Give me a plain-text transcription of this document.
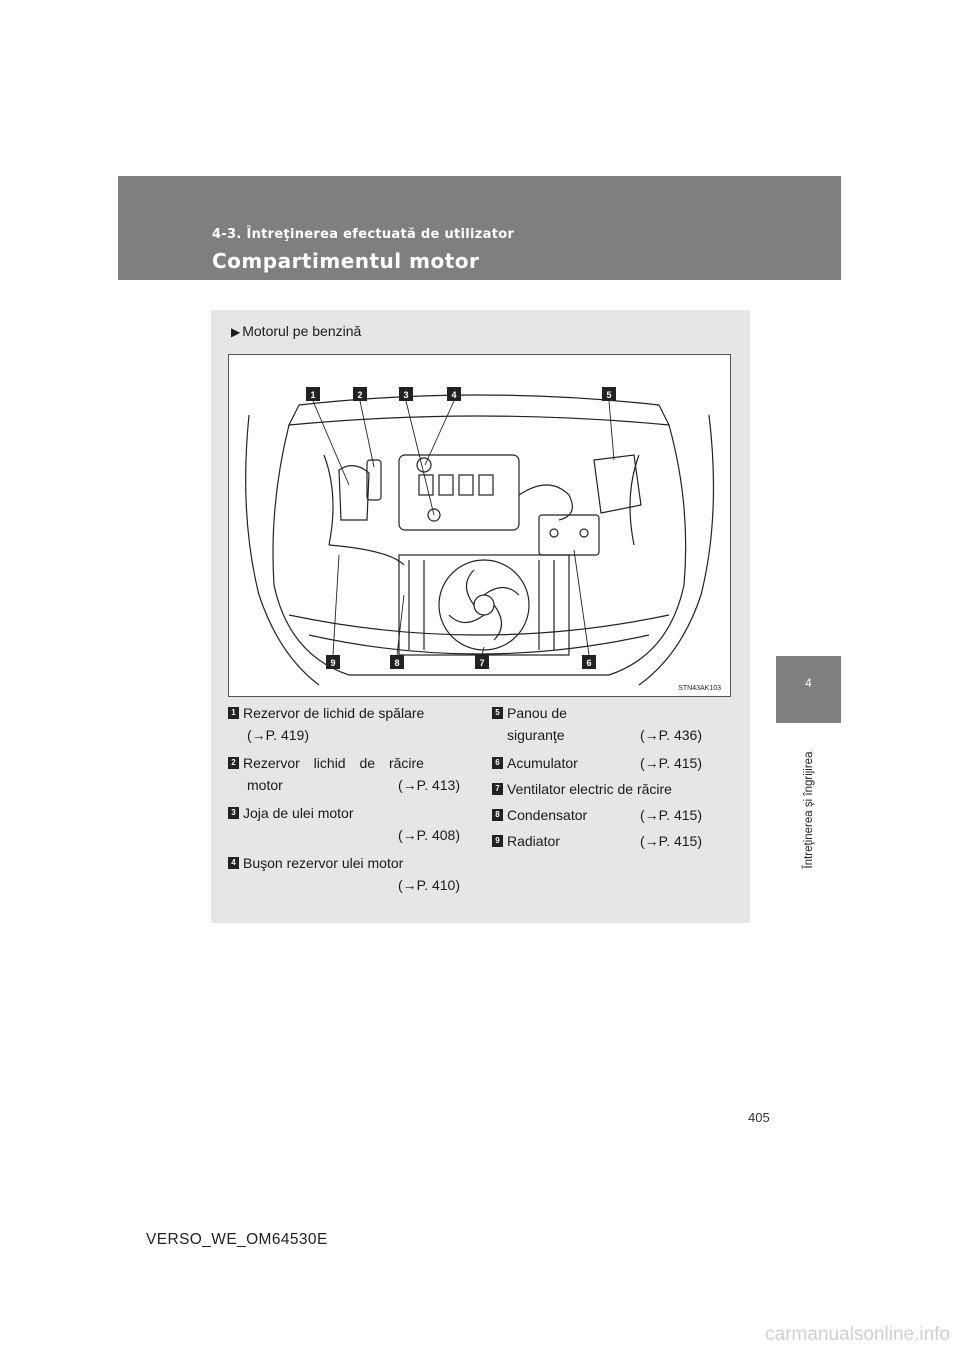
4-3. Întreţinerea efectuată de utilizator
Compartimentul motor
4
Întreţinerea şi îngrijirea
▶ Motorul pe benzină
1	2	3	4	5
9	8	7	6
STN43AK103
1 Rezervor de lichid de spălare
(→P. 419)
2 Rezervor lichid de răcire
motor	(→P. 413)
3 Joja de ulei motor
(→P. 408)
4 Buşon rezervor ulei motor
(→P. 410)
5 Panou de
siguranţe	(→P. 436)
6 Acumulator	(→P. 415)
7 Ventilator electric de răcire
8 Condensator	(→P. 415)
9 Radiator	(→P. 415)
405
VERSO_WE_OM64530E
carmanualsonline.info
